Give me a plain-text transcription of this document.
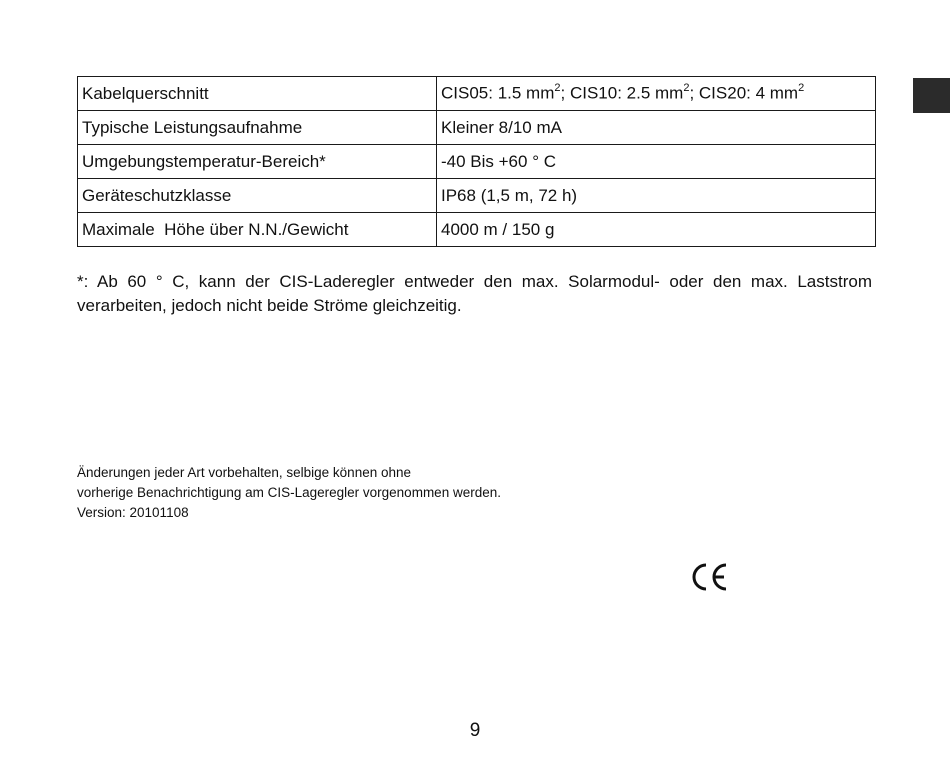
Kabelquerschnitt	CIS05: 1.5 $mm^2$; CIS10: 2.5 $mm^2$; CIS20: 4 $mm^2$
Typische Leistungsaufnahme	Kleiner 8/10 mA
Umgebungstemperatur-Bereich*	-40 Bis +60 ° C
Geräteschutzklasse	IP68 (1,5 m, 72 h)
Maximale  Höhe über N.N./Gewicht	4000 m / 150 g
*: Ab 60 ° C, kann der CIS-Laderegler entweder den max. Solarmodul- oder den max. Laststrom verarbeiten, jedoch nicht beide Ströme gleichzeitig.
Änderungen jeder Art vorbehalten, selbige können ohne
vorherige Benachrichtigung am CIS-Lageregler vorgenommen werden.
Version: 20101108
9
